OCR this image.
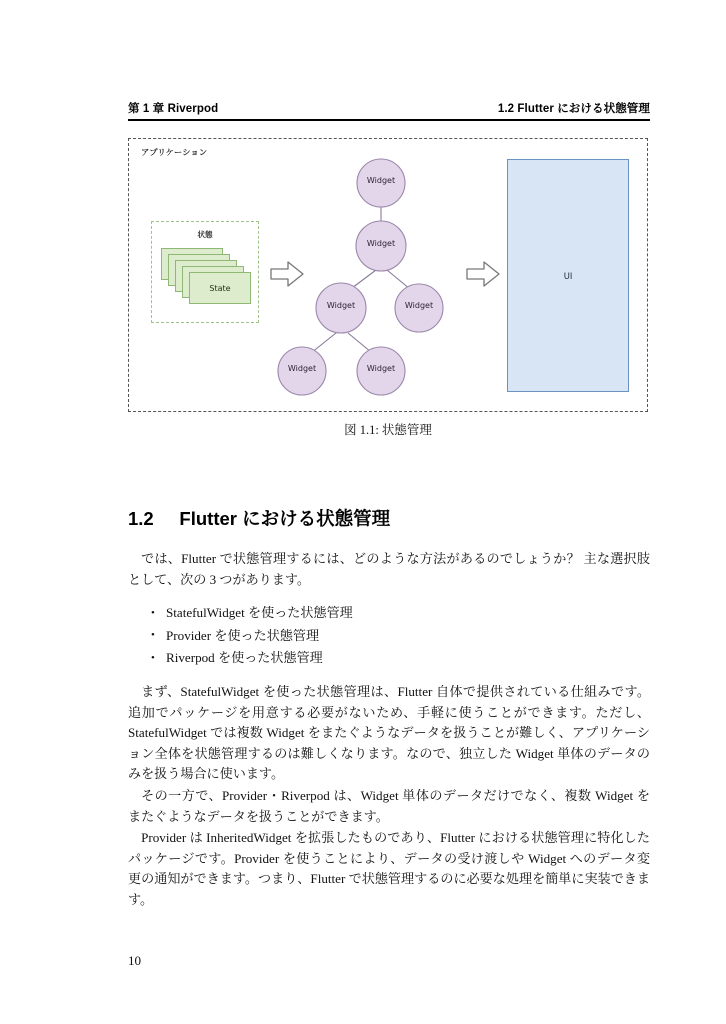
第 1 章 Riverpod	1.2 Flutter における状態管理
アプリケーション
状態
State
Widget
Widget
Widget	Widget
Widget	Widget
UI
図 1.1: 状態管理
1.2     Flutter における状態管理

では、Flutter で状態管理するには、どのような方法があるのでしょうか？ 主な選択肢として、次の 3 つがあります。

• StatefulWidget を使った状態管理
• Provider を使った状態管理
• Riverpod を使った状態管理

まず、StatefulWidget を使った状態管理は、Flutter 自体で提供されている仕組みです。追加でパッケージを用意する必要がないため、手軽に使うことができます。ただし、StatefulWidget では複数 Widget をまたぐようなデータを扱うことが難しく、アプリケーション全体を状態管理するのは難しくなります。なので、独立した Widget 単体のデータのみを扱う場合に使います。

その一方で、Provider・Riverpod は、Widget 単体のデータだけでなく、複数 Widget をまたぐようなデータを扱うことができます。

Provider は InheritedWidget を拡張したものであり、Flutter における状態管理に特化したパッケージです。Provider を使うことにより、データの受け渡しや Widget へのデータ変更の通知ができます。つまり、Flutter で状態管理するのに必要な処理を簡単に実装できます。

10
